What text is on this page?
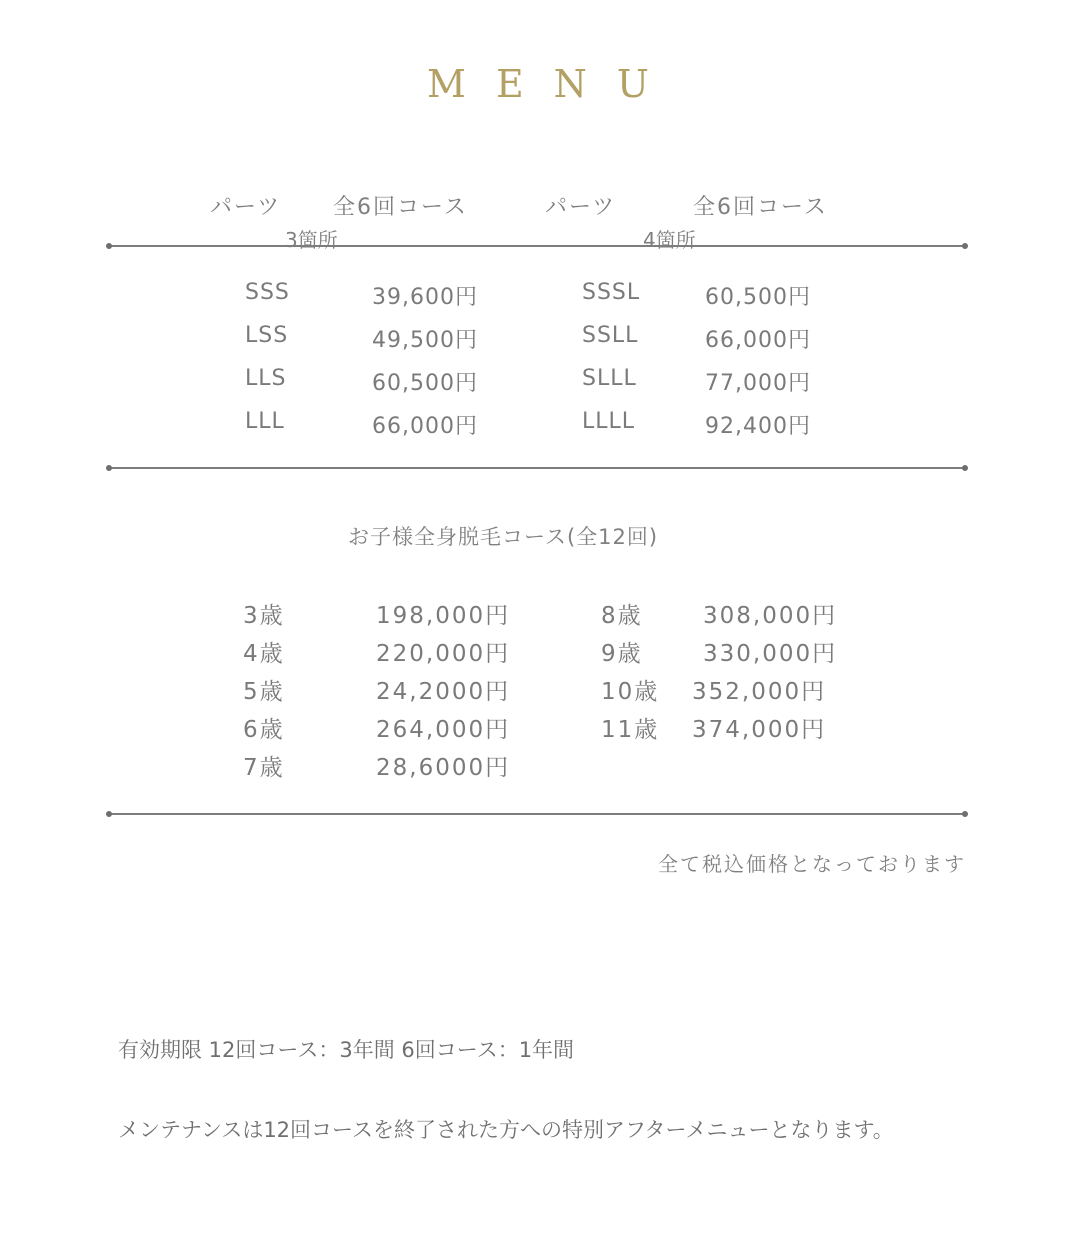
MENU
パーツ 全6回コース
3箇所
パーツ	全6回コース
4箇所
SSS	39,600円
LSS	49,500円
LLS	60,500円
LLL	66,000円
SSSL	60,500円
SSLL	66,000円
SLLL	77,000円
LLLL	92,400円
お子様全身脱毛コース(全12回)
3歳	198,000円
4歳	220,000円
5歳	24,2000円
6歳	264,000円
7歳	28,6000円
8歳	308,000円
9歳	330,000円
10歳 352,000円
11歳 374,000円
全て税込価格となっております
有効期限 12回コース：3年間 6回コース：1年間
メンテナンスは12回コースを終了された方への特別アフターメニューとなります。
